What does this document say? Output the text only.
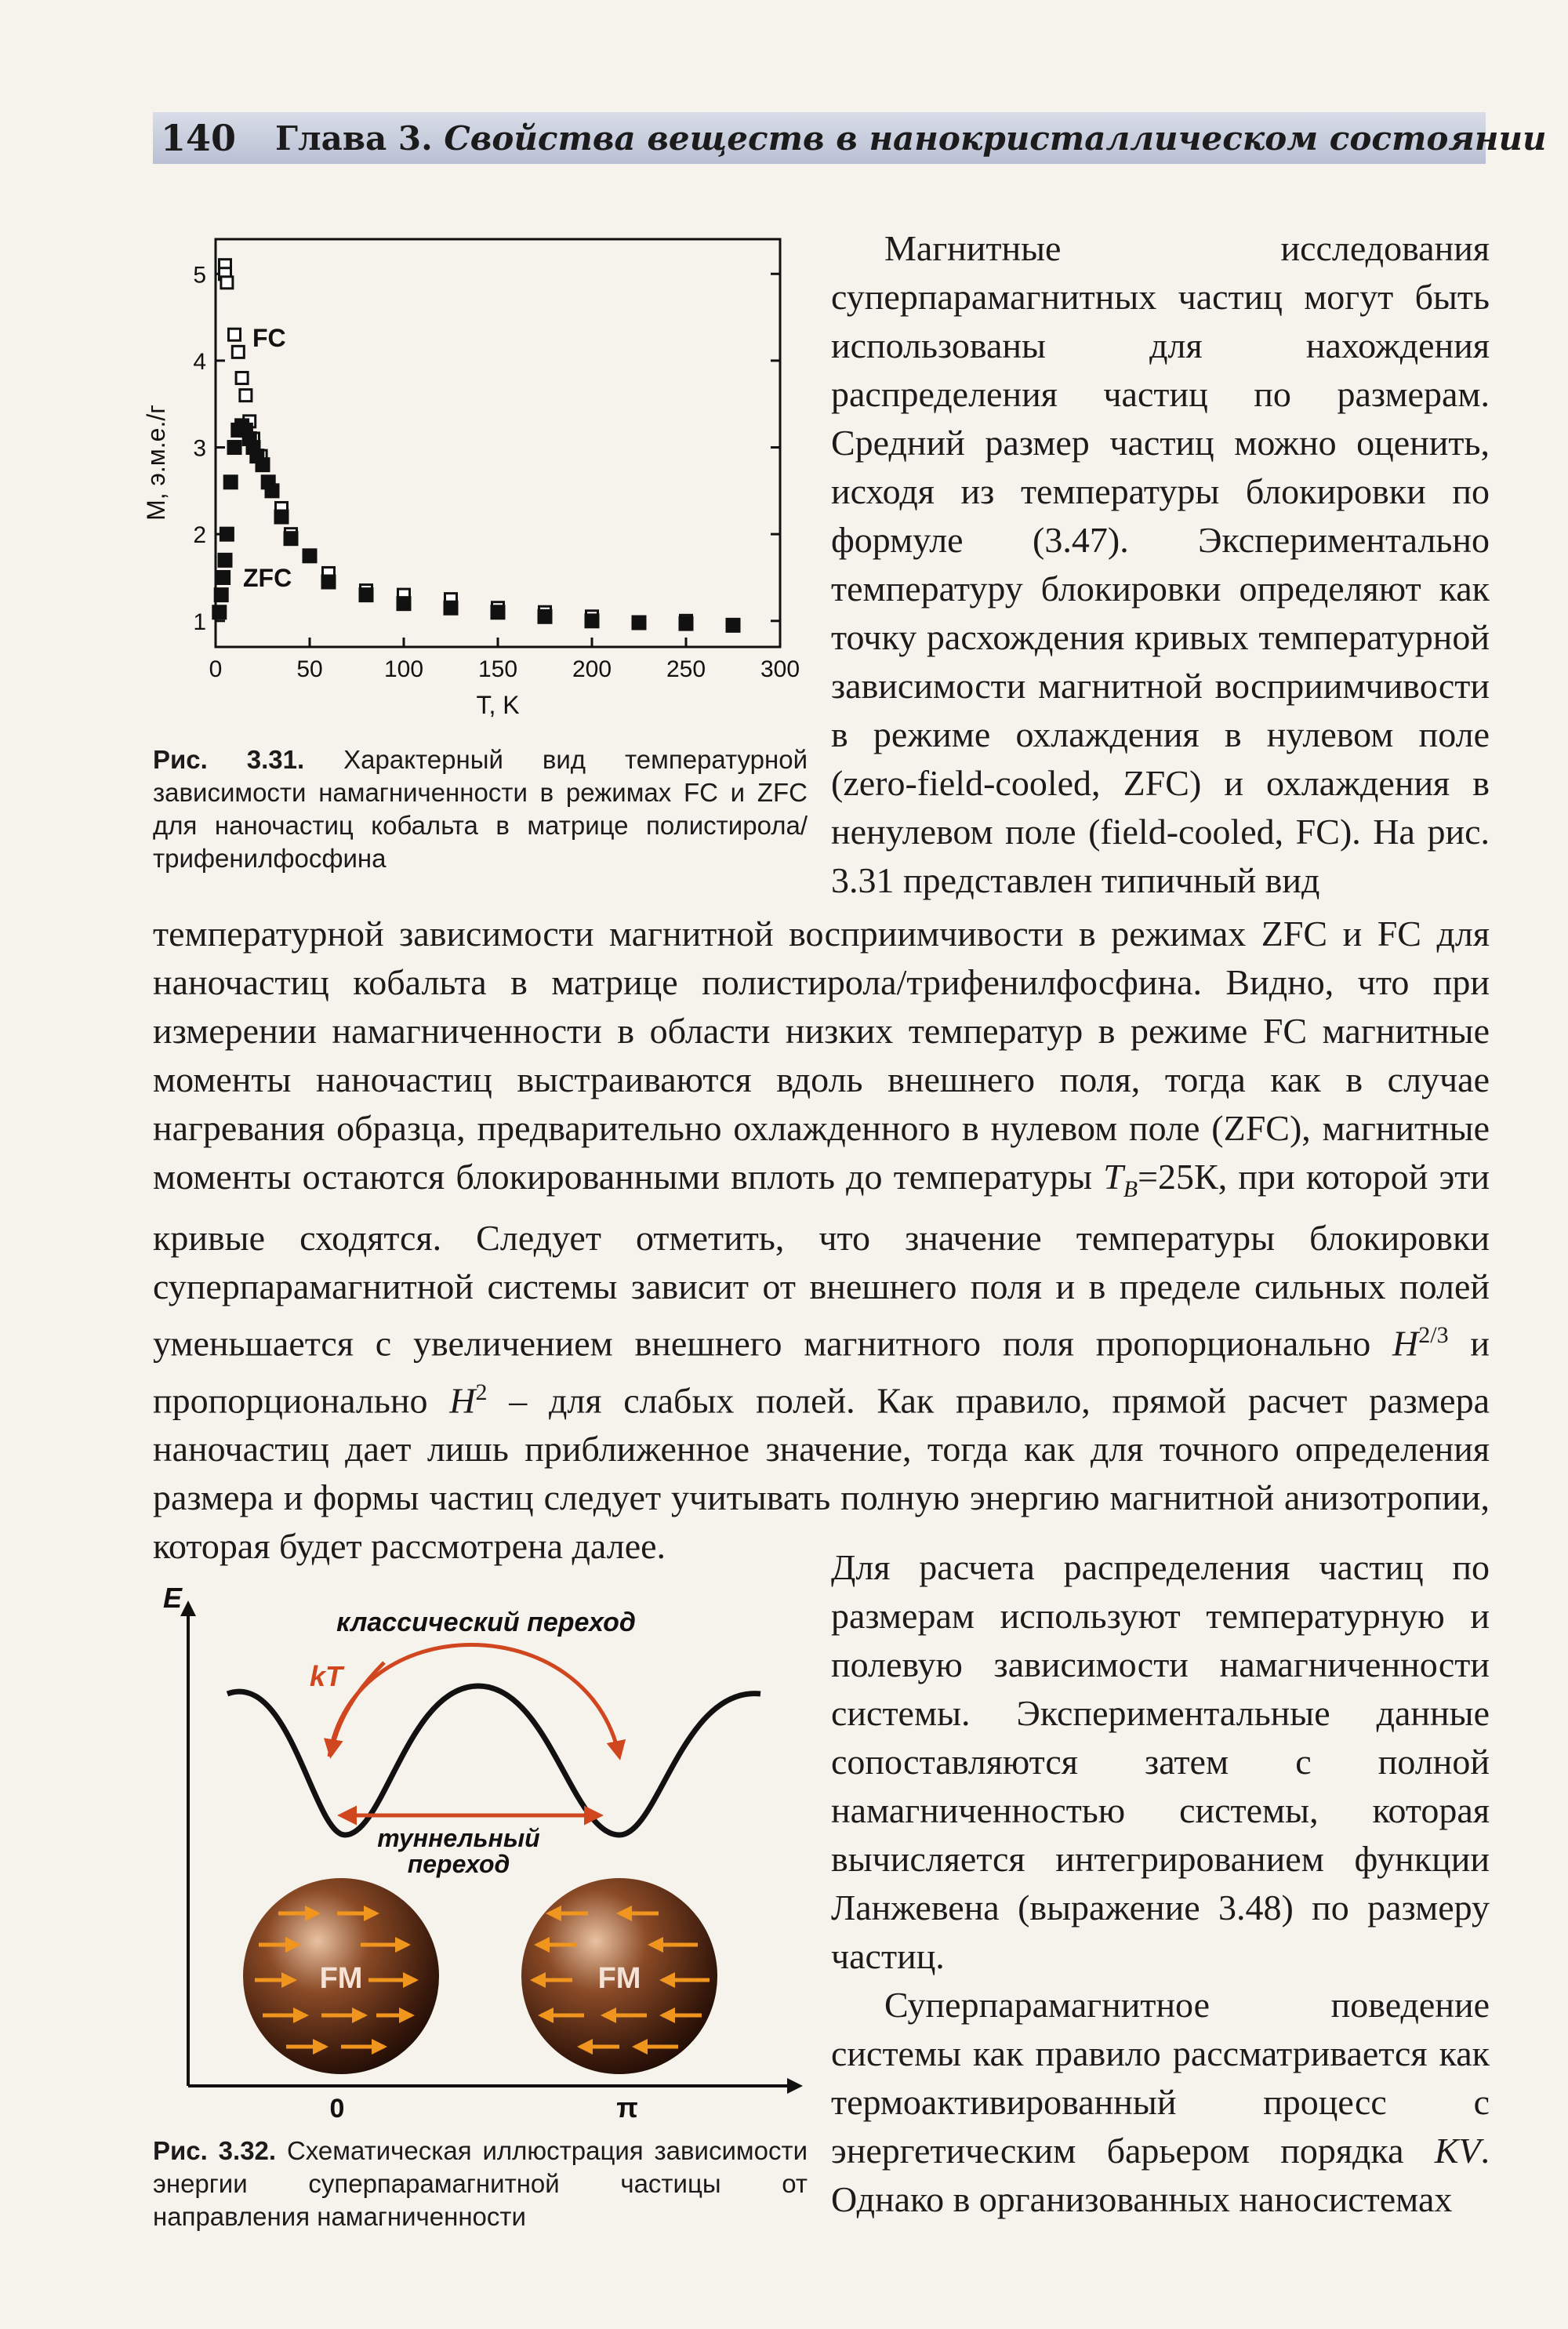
140 Глава 3. Свойства веществ в нанокристаллическом состоянии
0	50	100 150 200 250 300
1
2
3
4
5
FC
ZFC
T, K
M, э.м.е./г

Рис. 3.31. Характерный вид температурной зависимости намагниченности в режимах FC и ZFC для наночастиц кобальта в матрице полистирола/трифенилфосфина

Магнитные исследования суперпарамагнитных частиц могут быть использованы для нахождения распределения частиц по размерам. Средний размер частиц можно оценить, исходя из температуры блокировки по формуле (3.47). Экспериментально температуру блокировки определяют как точку расхождения кривых температурной зависимости магнитной восприимчивости в режиме охлаждения в нулевом поле (zero-field-cooled, ZFC) и охлаждения в ненулевом поле (field-cooled, FC). На рис. 3.31 представлен типичный вид

температурной зависимости магнитной восприимчивости в режимах ZFC и FC для наночастиц кобальта в матрице полистирола/трифенилфосфина. Видно, что при измерении намагниченности в области низких температур в режиме FC магнитные моменты наночастиц выстраиваются вдоль внешнего поля, тогда как в случае нагревания образца, предварительно охлажденного в нулевом поле (ZFC), магнитные моменты остаются блокированными вплоть до температуры $T_B=25К$, при которой эти кривые сходятся. Следует отметить, что значение температуры блокировки суперпарамагнитной системы зависит от внешнего поля и в пределе сильных полей уменьшается с увеличением внешнего магнитного поля пропорционально $H^{2/3}$ и пропорционально $H^2$ – для слабых полей. Как правило, прямой расчет размера наночастиц дает лишь приближенное значение, тогда как для точного определения размера и формы частиц следует учитывать полную энергию магнитной анизотропии, которая будет рассмотрена далее.

E
0	π
классический переход
kT
туннельный
переход
FM	FM

Рис. 3.32. Схематическая иллюстрация зависимости энергии суперпарамагнитной частицы от направления намагниченности

Для расчета распределения частиц по размерам используют температурную и полевую зависимости намагниченности системы. Экспериментальные данные сопоставляются затем с полной намагниченностью системы, которая вычисляется интегрированием функции Ланжевена (выражение 3.48) по размеру частиц.

Суперпарамагнитное поведение системы как правило рассматривается как термоактивированный процесс с энергетическим барьером порядка KV. Однако в организованных наносистемах
